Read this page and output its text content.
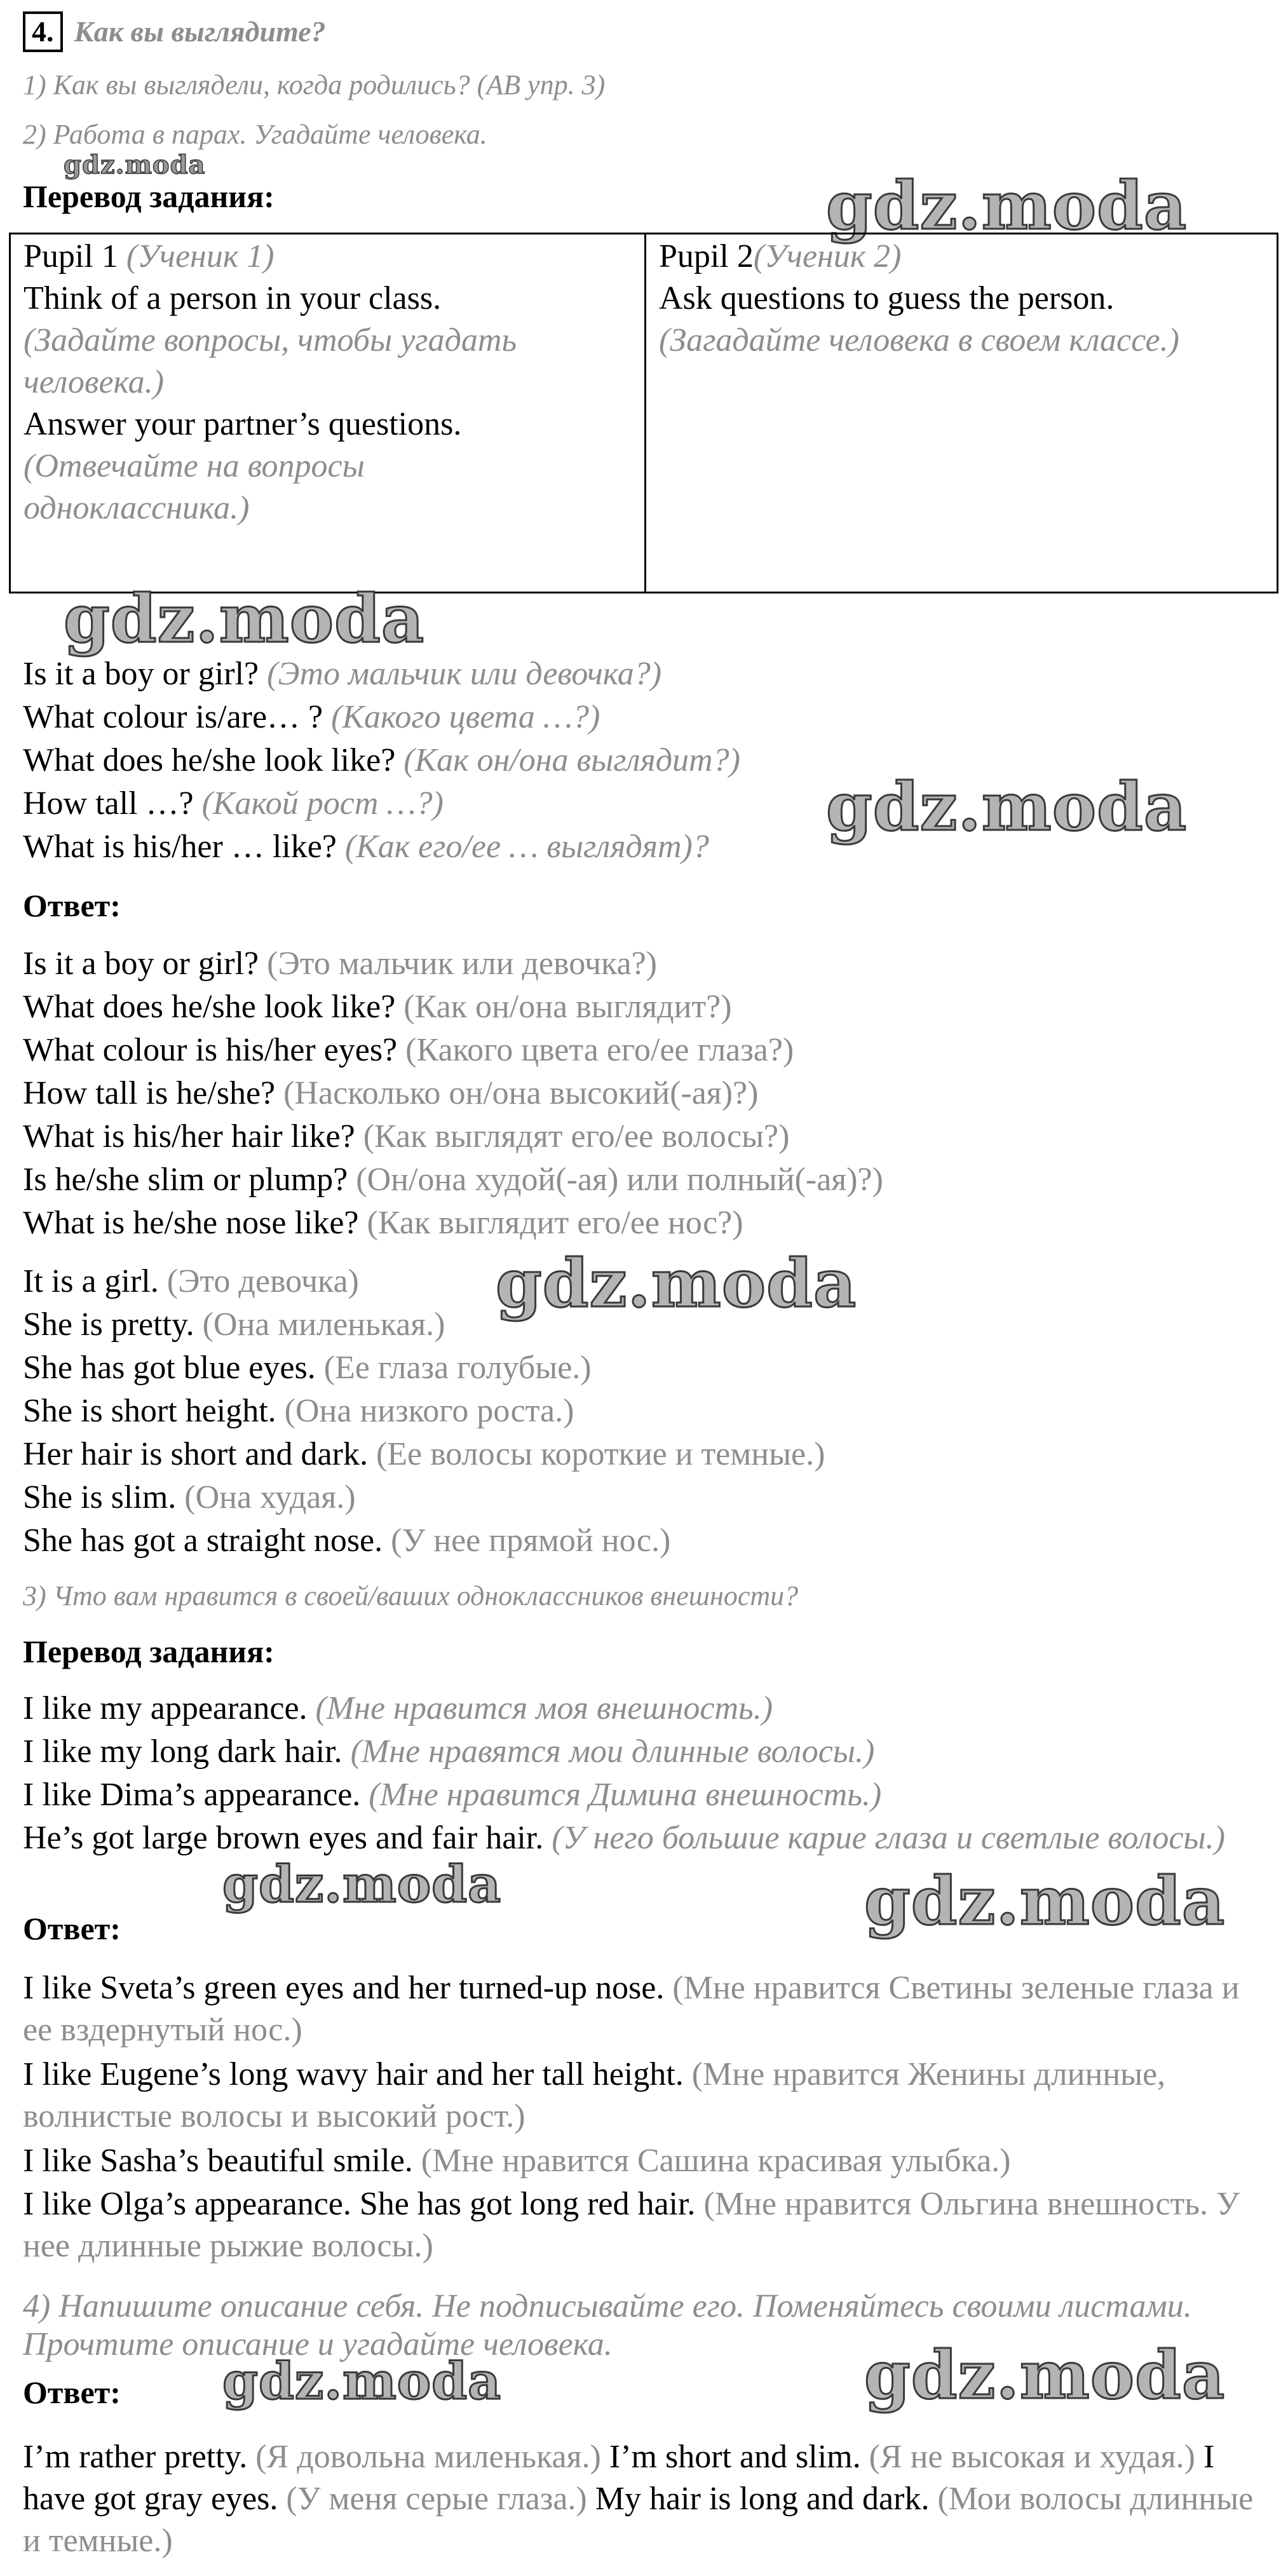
4. Как вы выглядите?
1) Как вы выглядели, когда родились? (АВ упр. 3)
2) Работа в парах. Угадайте человека.
gdz.moda
Перевод задания:	gdz.moda
Pupil 1 (Ученик 1)
Think of a person in your class.
(Задайте вопросы, чтобы угадать
человека.)
Answer your partner’s questions.
(Отвечайте на вопросы
одноклассника.)
Pupil 2(Ученик 2)
Ask questions to guess the person.
(Загадайте человека в своем классе.)
gdz.moda
Is it a boy or girl? (Это мальчик или девочка?)
What colour is/are… ? (Какого цвета …?)
What does he/she look like? (Как он/она выглядит?)
How tall …? (Какой рост …?)
What is his/her … like? (Как его/ее … выглядят)?
gdz.moda
Ответ:
Is it a boy or girl? (Это мальчик или девочка?)
What does he/she look like? (Как он/она выглядит?)
What colour is his/her eyes? (Какого цвета его/ее глаза?)
How tall is he/she? (Насколько он/она высокий(-ая)?)
What is his/her hair like? (Как выглядят его/ее волосы?)
Is he/she slim or plump? (Он/она худой(-ая) или полный(-ая)?)
What is he/she nose like? (Как выглядит его/ее нос?)
It is a girl. (Это девочка) gdz.moda
She is pretty. (Она миленькая.)
She has got blue eyes. (Ее глаза голубые.)
She is short height. (Она низкого роста.)
Her hair is short and dark. (Ее волосы короткие и темные.)
She is slim. (Она худая.)
She has got a straight nose. (У нее прямой нос.)
3) Что вам нравится в своей/ваших одноклассников внешности?
Перевод задания:
I like my appearance. (Мне нравится моя внешность.)
I like my long dark hair. (Мне нравятся мои длинные волосы.)
I like Dima’s appearance. (Мне нравится Димина внешность.)
He’s got large brown eyes and fair hair. (У него большие карие глаза и светлые волосы.)
gdz.moda
gdz.moda
Ответ:
I like Sveta’s green eyes and her turned-up nose. (Мне нравится Светины зеленые глаза и ее вздернутый нос.)
I like Eugene’s long wavy hair and her tall height. (Мне нравится Женины длинные, волнистые волосы и высокий рост.)
I like Sasha’s beautiful smile. (Мне нравится Сашина красивая улыбка.)
I like Olga’s appearance. She has got long red hair. (Мне нравится Ольгина внешность. У нее длинные рыжие волосы.)
4) Напишите описание себя. Не подписывайте его. Поменяйтесь своими листами. Прочтите описание и угадайте человека.
Ответ: gdz.moda	gdz.moda
I’m rather pretty. (Я довольна миленькая.) I’m short and slim. (Я не высокая и худая.) I have got gray eyes. (У меня серые глаза.) My hair is long and dark. (Мои волосы длинные и темные.)
